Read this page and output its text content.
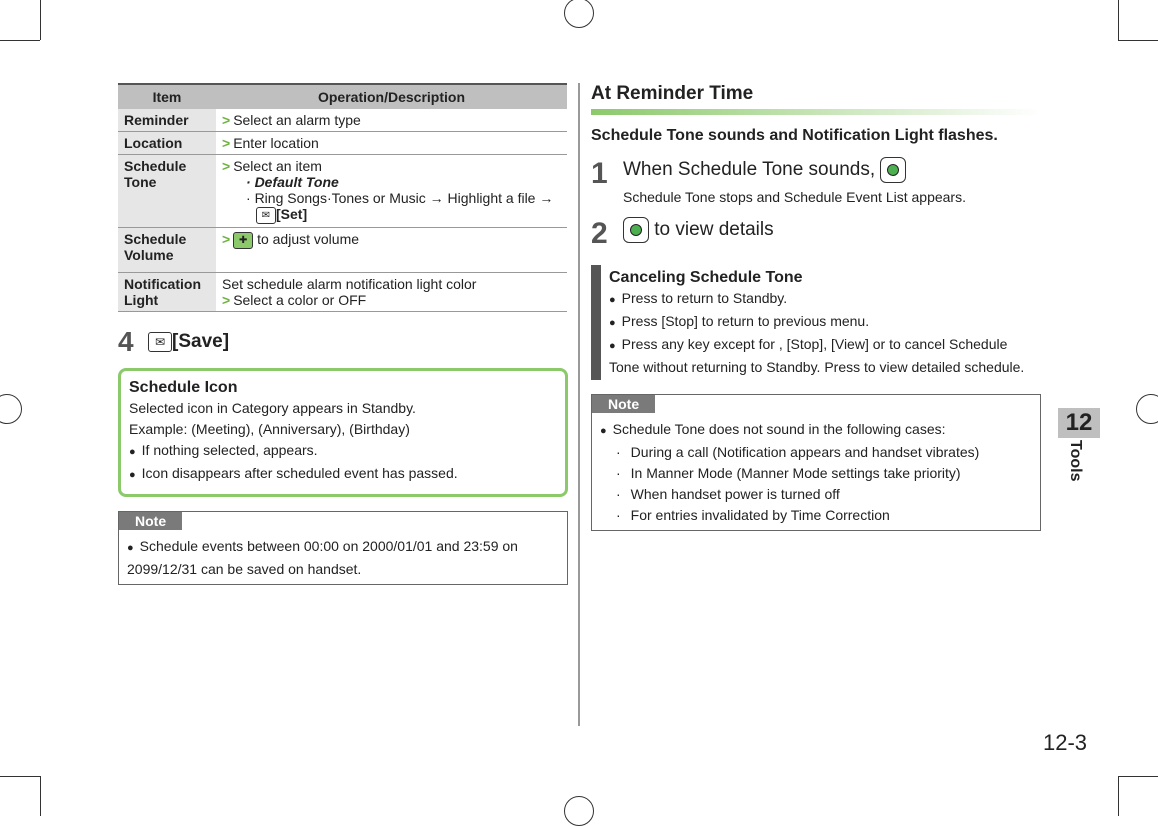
Item	Operation/Description
Reminder	> Select an alarm type
Location	> Enter location
Schedule Tone	> Select an item
· Default Tone
· Ring Songs·Tones or Music → Highlight a file →
✉ [Set]

Schedule Volume	> ✚ to adjust volume
Notification Light	Set schedule alarm notification light color
> Select a color or OFF
4	✉ [Save]
Schedule Icon
Selected icon in Category appears in Standby.
Example: (Meeting), (Anniversary), (Birthday)
● If nothing selected, appears.
● Icon disappears after scheduled event has passed.
Note
● Schedule events between 00:00 on 2000/01/01 and 23:59 on 2099/12/31 can be saved on handset.
At Reminder Time
Schedule Tone sounds and Notification Light flashes.
1 When Schedule Tone sounds,
Schedule Tone stops and Schedule Event List appears.
2	to view details
Canceling Schedule Tone
● Press to return to Standby.
● Press [Stop] to return to previous menu.
● Press any key except for , [Stop], [View] or to cancel Schedule Tone without returning to Standby. Press to view detailed schedule.
Note
● Schedule Tone does not sound in the following cases:
· During a call (Notification appears and handset vibrates)
· In Manner Mode (Manner Mode settings take priority)
· When handset power is turned off
· For entries invalidated by Time Correction
12
Tools
12-3
